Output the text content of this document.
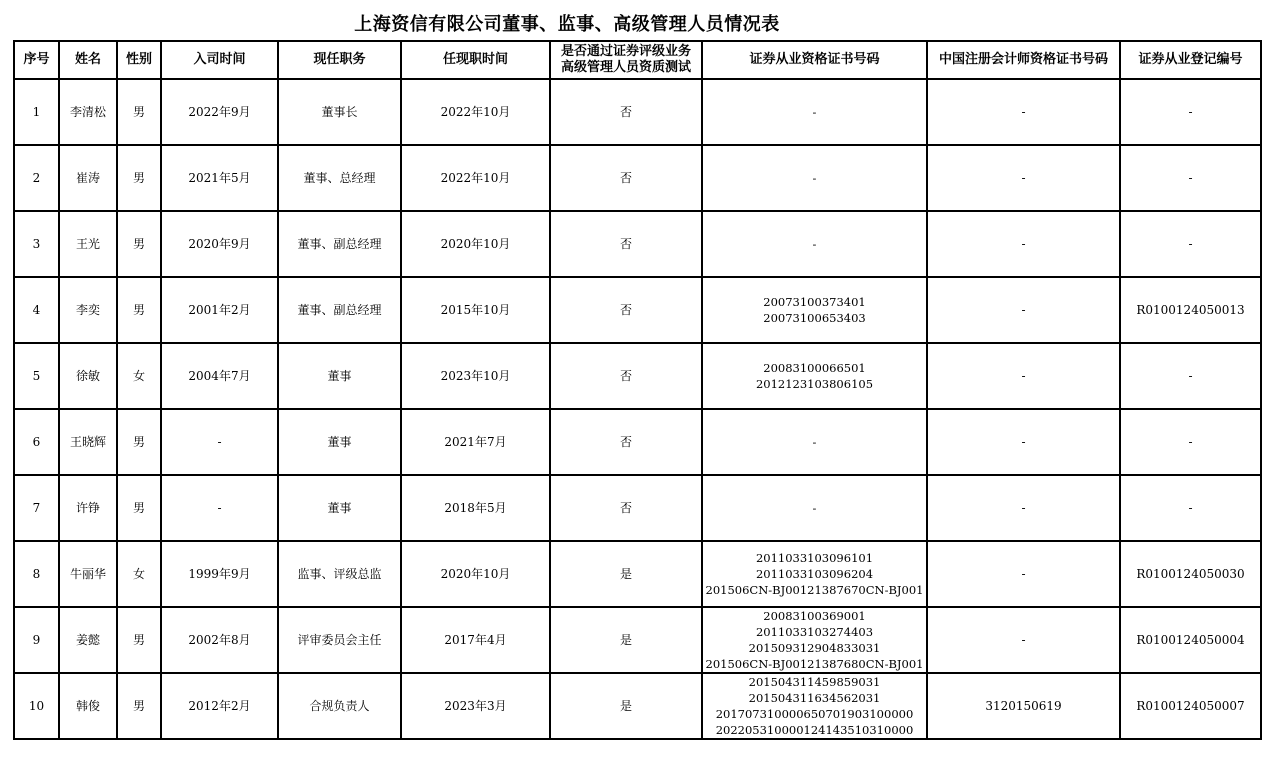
上海资信有限公司董事、监事、高级管理人员情况表
序号	姓名	性别	入司时间	现任职务	任现职时间	是否通过证券评级业务
高级管理人员资质测试	证券从业资格证书号码	中国注册会计师资格证书号码	证券从业登记编号
1	李清松	男	2022年9月	董事长	2022年10月	否	-	-	-
2	崔涛	男	2021年5月	董事、总经理	2022年10月	否	-	-	-
3	王光	男	2020年9月	董事、副总经理	2020年10月	否	-	-	-
4	李奕	男	2001年2月	董事、副总经理	2015年10月	否	20073100373401
20073100653403	-	R0100124050013
5	徐敏	女	2004年7月	董事	2023年10月	否	20083100066501
2012123103806105	-	-
6	王晓辉	男	-	董事	2021年7月	否	-	-	-
7	许铮	男	-	董事	2018年5月	否	-	-	-
8	牛丽华	女	1999年9月	监事、评级总监	2020年10月	是	2011033103096101
2011033103096204
201506CN-BJ00121387670CN-BJ001	-	R0100124050030
9	姜懿	男	2002年8月	评审委员会主任	2017年4月	是	20083100369001
2011033103274403
201509312904833031
201506CN-BJ00121387680CN-BJ001	-	R0100124050004
10	韩俊	男	2012年2月	合规负责人	2023年3月	是	201504311459859031
201504311634562031
201707310000650701903100000
202205310000124143510310000	3120150619	R0100124050007
